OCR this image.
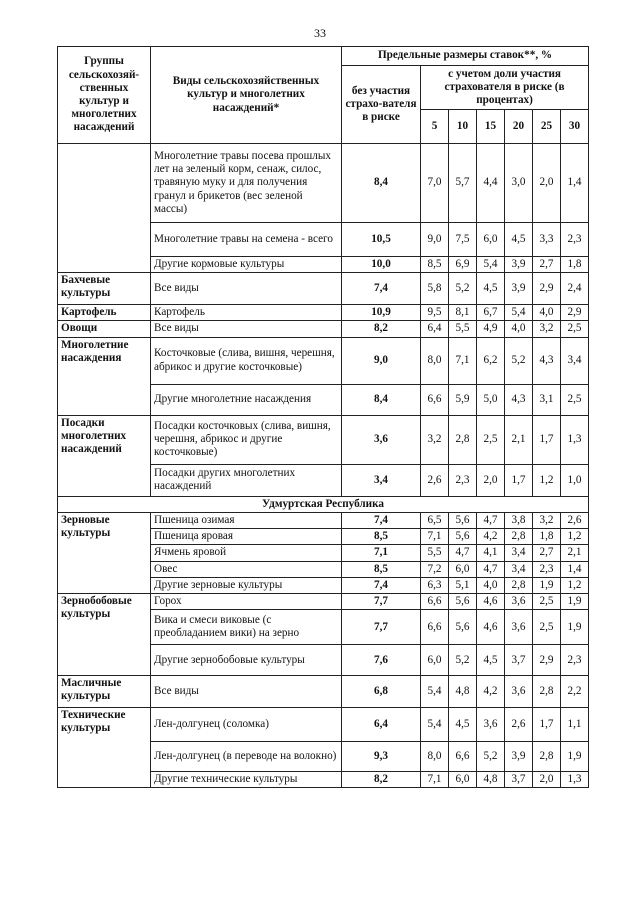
33
Группы сельскохозяй-ственных культур и многолетних насаждений	Виды сельскохозяйственных культур и многолетних насаждений*	Предельные размеры ставок**, %						
		без участия страхо-вателя в риске	с учетом доли участия страхователя в риске (в процентах)					
			5	10	15	20	25	30
	Многолетние травы посева прошлых лет на зеленый корм, сенаж, силос, травяную муку и для получения гранул и брикетов (вес зеленой массы)	8,4	7,0	5,7	4,4	3,0	2,0	1,4
	Многолетние травы на семена - всего	10,5	9,0	7,5	6,0	4,5	3,3	2,3
	Другие кормовые культуры	10,0	8,5	6,9	5,4	3,9	2,7	1,8
Бахчевые культуры	Все виды	7,4	5,8	5,2	4,5	3,9	2,9	2,4
Картофель	Картофель	10,9	9,5	8,1	6,7	5,4	4,0	2,9
Овощи	Все виды	8,2	6,4	5,5	4,9	4,0	3,2	2,5
Многолетние насаждения	Косточковые (слива, вишня, черешня, абрикос и другие косточковые)	9,0	8,0	7,1	6,2	5,2	4,3	3,4
	Другие многолетние насаждения	8,4	6,6	5,9	5,0	4,3	3,1	2,5
Посадки многолетних насаждений	Посадки косточковых (слива, вишня, черешня, абрикос и другие косточковые)	3,6	3,2	2,8	2,5	2,1	1,7	1,3
	Посадки других многолетних насаждений	3,4	2,6	2,3	2,0	1,7	1,2	1,0
Удмуртская Республика								
Зерновые культуры	Пшеница озимая	7,4	6,5	5,6	4,7	3,8	3,2	2,6
	Пшеница яровая	8,5	7,1	5,6	4,2	2,8	1,8	1,2
	Ячмень яровой	7,1	5,5	4,7	4,1	3,4	2,7	2,1
	Овес	8,5	7,2	6,0	4,7	3,4	2,3	1,4
	Другие зерновые культуры	7,4	6,3	5,1	4,0	2,8	1,9	1,2
Зернобобовые культуры	Горох	7,7	6,6	5,6	4,6	3,6	2,5	1,9
	Вика и смеси виковые (с преобладанием вики) на зерно	7,7	6,6	5,6	4,6	3,6	2,5	1,9
	Другие зернобобовые культуры	7,6	6,0	5,2	4,5	3,7	2,9	2,3
Масличные культуры	Все виды	6,8	5,4	4,8	4,2	3,6	2,8	2,2
Технические культуры	Лен-долгунец (соломка)	6,4	5,4	4,5	3,6	2,6	1,7	1,1
	Лен-долгунец (в переводе на волокно)	9,3	8,0	6,6	5,2	3,9	2,8	1,9
	Другие технические культуры	8,2	7,1	6,0	4,8	3,7	2,0	1,3
